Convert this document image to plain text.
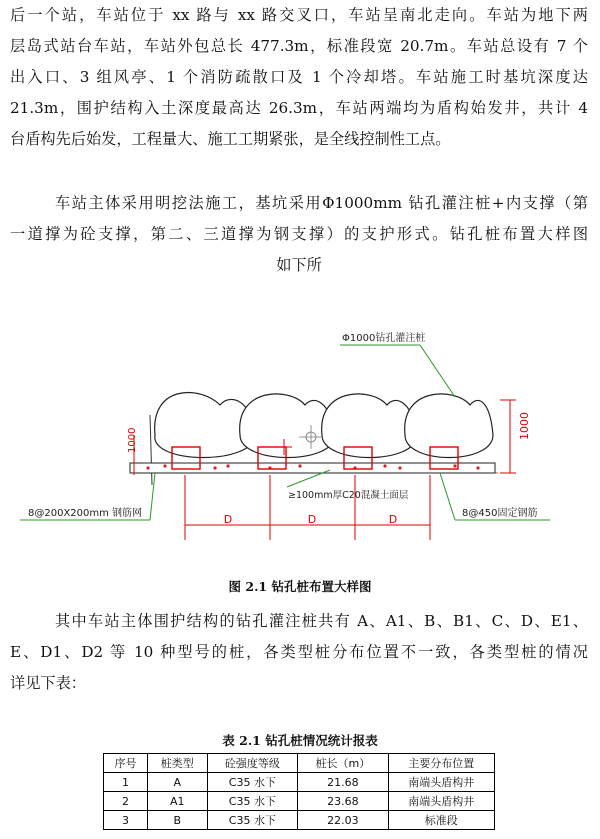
后一个站，车站位于 xx 路与 xx 路交叉口，车站呈南北走向。车站为地下两
层岛式站台车站，车站外包总长 477.3m，标准段宽 20.7m。车站总设有 7 个
出入口、3 组风亭、1 个消防疏散口及 1 个冷却塔。车站施工时基坑深度达
21.3m，围护结构入土深度最高达 26.3m，车站两端均为盾构始发井，共计 4
台盾构先后始发，工程量大、施工工期紧张，是全线控制性工点。
车站主体采用明挖法施工，基坑采用Φ1000mm 钻孔灌注桩+内支撑（第
一道撑为砼支撑，第二、三道撑为钢支撑）的支护形式。钻孔桩布置大样图
如下所
1000
1000
Φ1000钻孔灌注桩
≥100mm厚C20混凝土面层
8@200X200mm 钢筋网	8@450固定钢筋
D	D	D
图 2.1 钻孔桩布置大样图
其中车站主体围护结构的钻孔灌注桩共有 A、A1、B、B1、C、D、E1、
E、D1、D2 等 10 种型号的桩，各类型桩分布位置不一致，各类型桩的情况
详见下表：
表 2.1 钻孔桩情况统计报表
序号	桩类型	砼强度等级	桩长（m）	主要分布位置
1	A	C35 水下	21.68	南端头盾构井
2	A1	C35 水下	23.68	南端头盾构井
3	B	C35 水下	22.03	标准段
